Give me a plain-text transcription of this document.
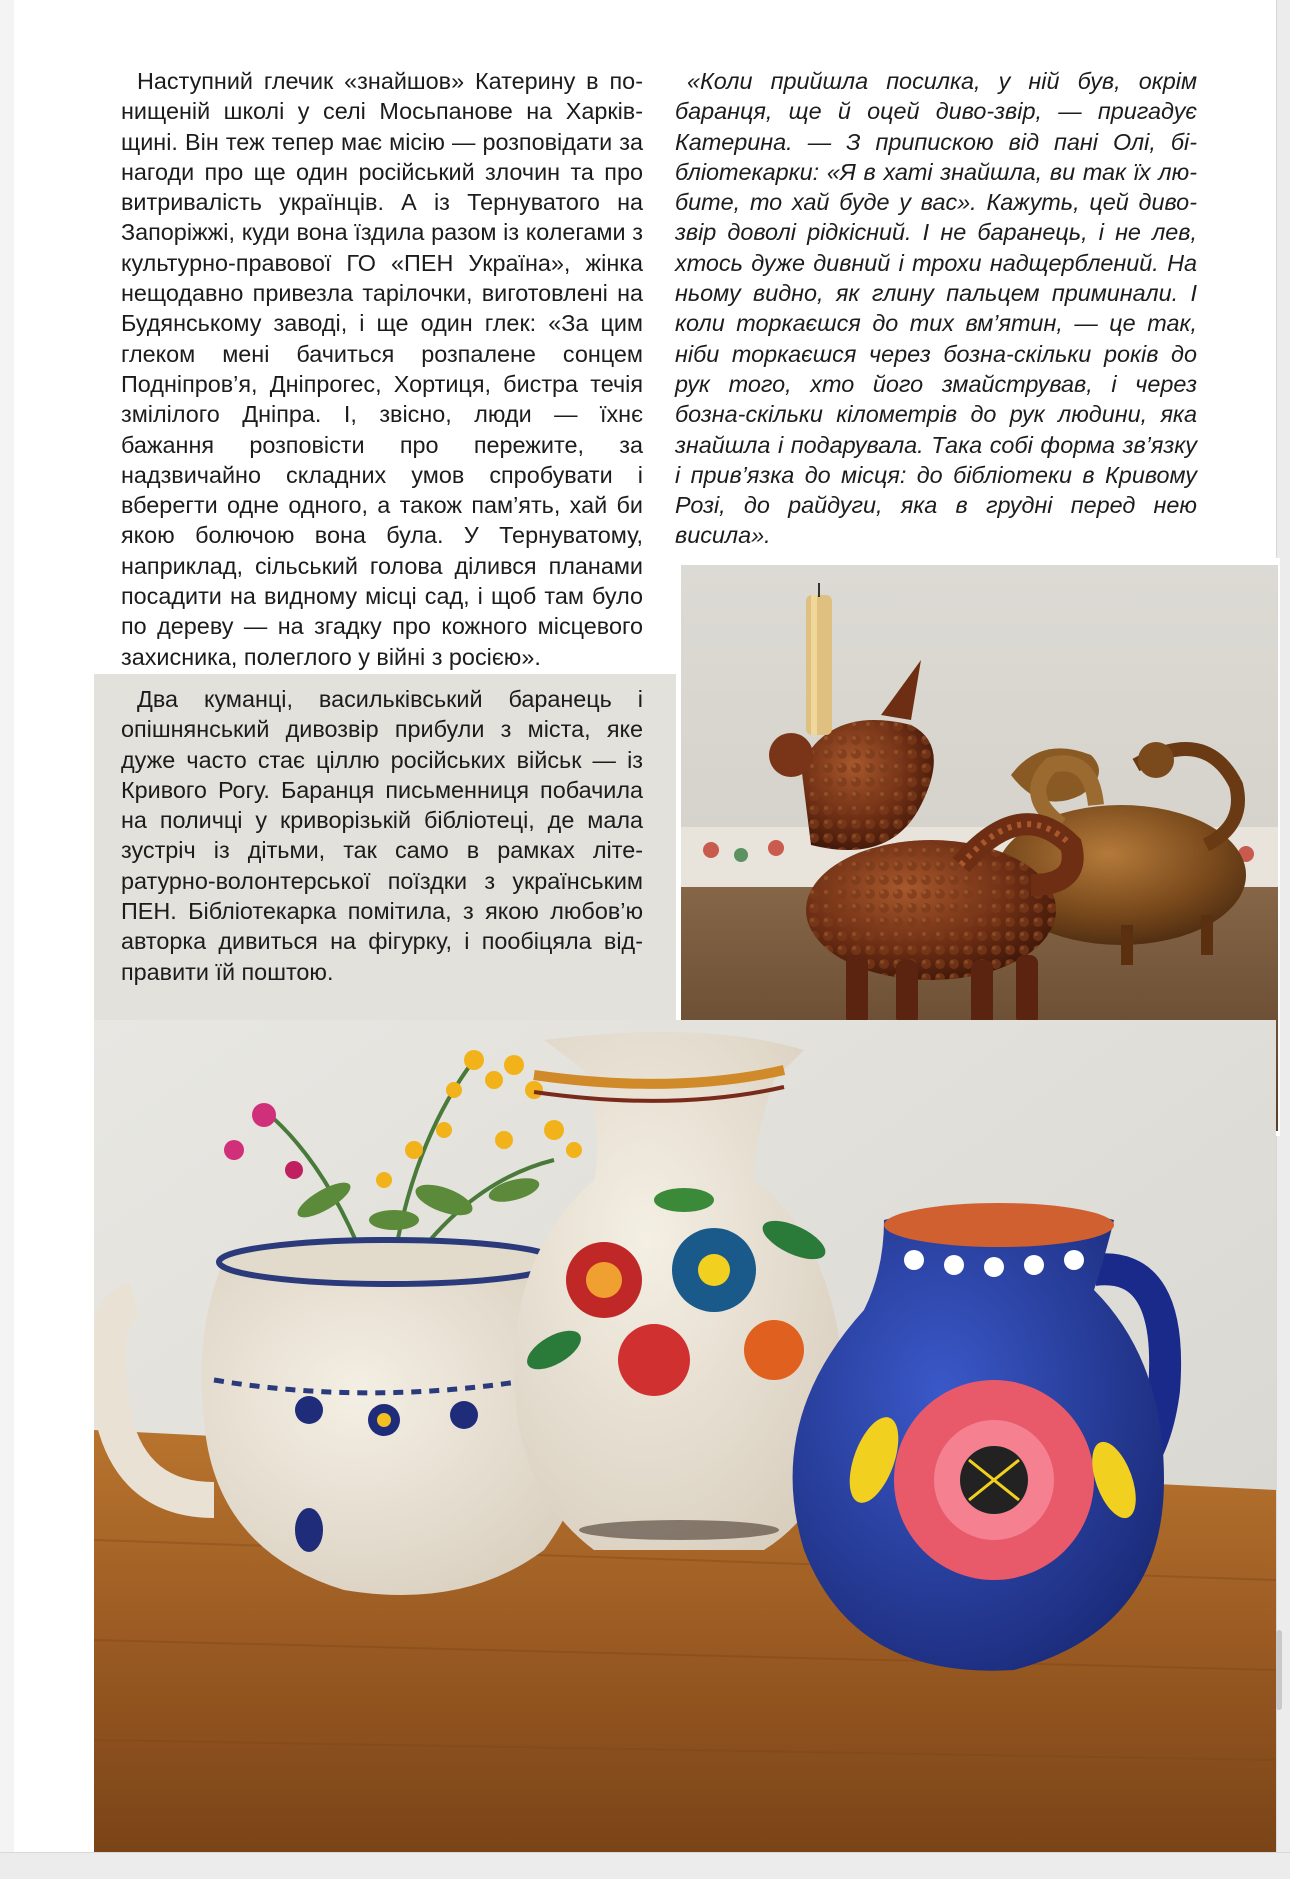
Наступний глечик «знайшов» Катерину в понищеній школі у селі Мосьпанове на Харківщині. Він теж тепер має місію — розповідати за нагоди про ще один російський злочин та про витривалість українців. А із Тернуватого на Запоріжжі, куди вона їздила разом із колегами з культурно-правової ГО «ПЕН Україна», жінка нещодавно привезла тарілочки, виготовлені на Будянському заводі, і ще один глек: «За цим глеком мені бачиться розпалене сонцем Подніпров’я, Дніпрогес, Хортиця, бистра течія змілілого Дніпра. І, звісно, люди — їхнє бажання розповісти про пережите, за надзвичайно складних умов спробувати і вберегти одне одного, а також пам’ять, хай би якою болючою вона була. У Тернуватому, наприклад, сільський голова ділився планами посадити на видному місці сад, і щоб там було по дереву — на згадку про кожного місцевого захисника, полеглого у війні з росією».

«Коли прийшла посилка, у ній був, окрім баранця, ще й оцей диво-звір, — пригадує Катерина. — З припискою від пані Олі, бібліотекарки: «Я в хаті знайшла, ви так їх любите, то хай буде у вас». Кажуть, цей дивозвір доволі рідкісний. І не баранець, і не лев, хтось дуже дивний і трохи надщерблений. На ньому видно, як глину пальцем приминали. І коли торкаєшся до тих вм’ятин, — це так, ніби торкаєшся через бозна-скільки років до рук того, хто його змайстрував, і через бозна-скільки кілометрів до рук людини, яка знайшла і подарувала. Така собі форма зв’язку і прив’язка до місця: до бібліотеки в Кривому Розі, до райдуги, яка в грудні перед нею висила».

Два куманці, васильківський баранець і опішнянський дивозвір прибули з міста, яке дуже часто стає ціллю російських військ — із Кривого Рогу. Баранця письменниця побачила на поличці у криворізькій бібліотеці, де мала зустріч із дітьми, так само в рамках літературно-волонтерської поїздки з українським ПЕН. Бібліотекарка помітила, з якою любов’ю авторка дивиться на фігурку, і пообіцяла відправити їй поштою.
